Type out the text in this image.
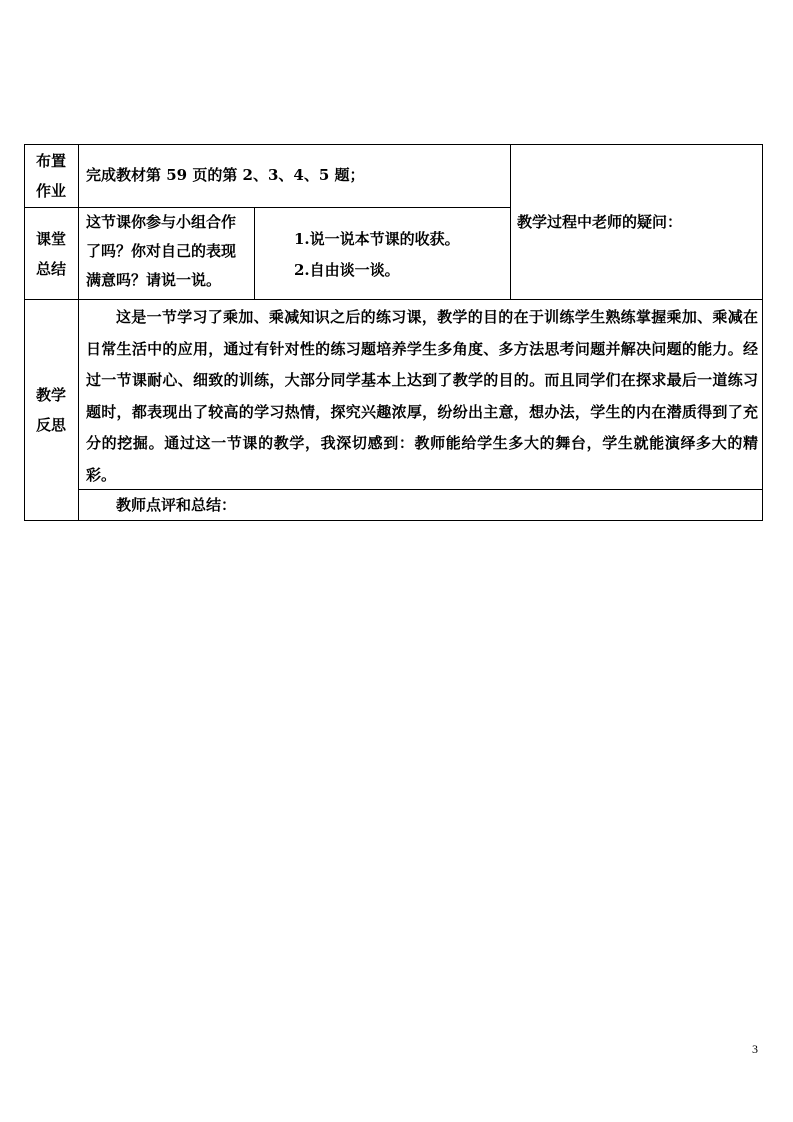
布置
作业
完成教材第 59 页的第 2、3、4、5 题；
教学过程中老师的疑问：
课堂
总结
这节课你参与小组合作
了吗？你对自己的表现
满意吗？请说一说。
1.说一说本节课的收获。
2.自由谈一谈。
教学
反思
这是一节学习了乘加、乘减知识之后的练习课，教学的目的在于训练学生熟练掌握乘加、乘减在日常生活中的应用，通过有针对性的练习题培养学生多角度、多方法思考问题并解决问题的能力。经过一节课耐心、细致的训练，大部分同学基本上达到了教学的目的。而且同学们在探求最后一道练习题时，都表现出了较高的学习热情，探究兴趣浓厚，纷纷出主意，想办法，学生的内在潜质得到了充分的挖掘。通过这一节课的教学，我深切感到：教师能给学生多大的舞台，学生就能演绎多大的精彩。
教师点评和总结：
3
